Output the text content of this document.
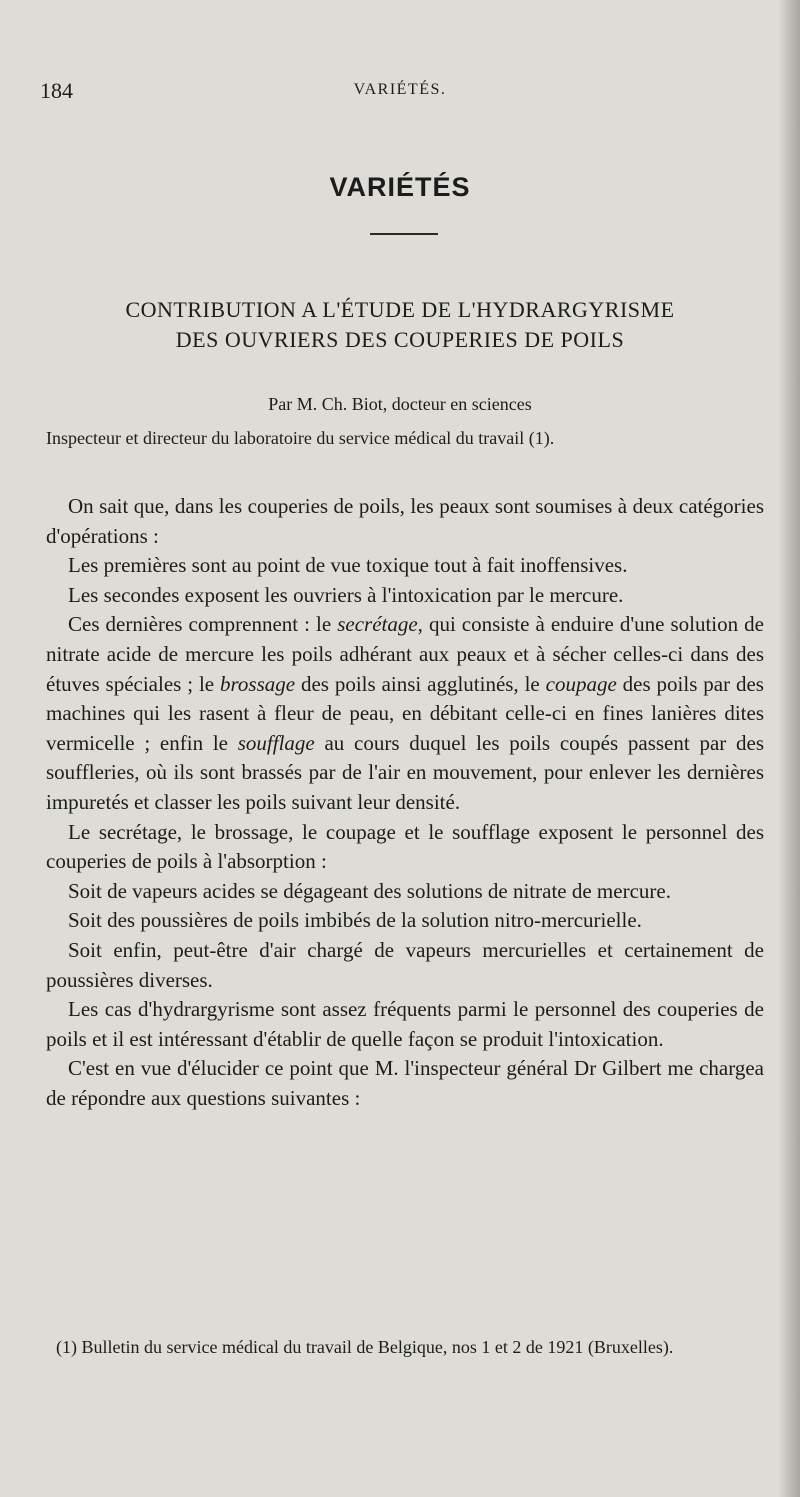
184	VARIÉTÉS.
VARIÉTÉS
CONTRIBUTION A L'ÉTUDE DE L'HYDRARGYRISME
DES OUVRIERS DES COUPERIES DE POILS
Par M. Ch. Biot, docteur en sciences
Inspecteur et directeur du laboratoire du service médical du travail (1).

On sait que, dans les couperies de poils, les peaux sont soumises à deux catégories d'opérations :

Les premières sont au point de vue toxique tout à fait inoffensives.

Les secondes exposent les ouvriers à l'intoxication par le mercure.

Ces dernières comprennent : le secrétage, qui consiste à enduire d'une solution de nitrate acide de mercure les poils adhérant aux peaux et à sécher celles-ci dans des étuves spéciales ; le brossage des poils ainsi agglutinés, le coupage des poils par des machines qui les rasent à fleur de peau, en débitant celle-ci en fines lanières dites vermicelle ; enfin le soufflage au cours duquel les poils coupés passent par des souffleries, où ils sont brassés par de l'air en mouvement, pour enlever les dernières impuretés et classer les poils suivant leur densité.

Le secrétage, le brossage, le coupage et le soufflage exposent le personnel des couperies de poils à l'absorption :

Soit de vapeurs acides se dégageant des solutions de nitrate de mercure.

Soit des poussières de poils imbibés de la solution nitro-mercurielle.

Soit enfin, peut-être d'air chargé de vapeurs mercurielles et certainement de poussières diverses.

Les cas d'hydrargyrisme sont assez fréquents parmi le personnel des couperies de poils et il est intéressant d'établir de quelle façon se produit l'intoxication.

C'est en vue d'élucider ce point que M. l'inspecteur général Dr Gilbert me chargea de répondre aux questions suivantes :

(1) Bulletin du service médical du travail de Belgique, nos 1 et 2 de 1921 (Bruxelles).
